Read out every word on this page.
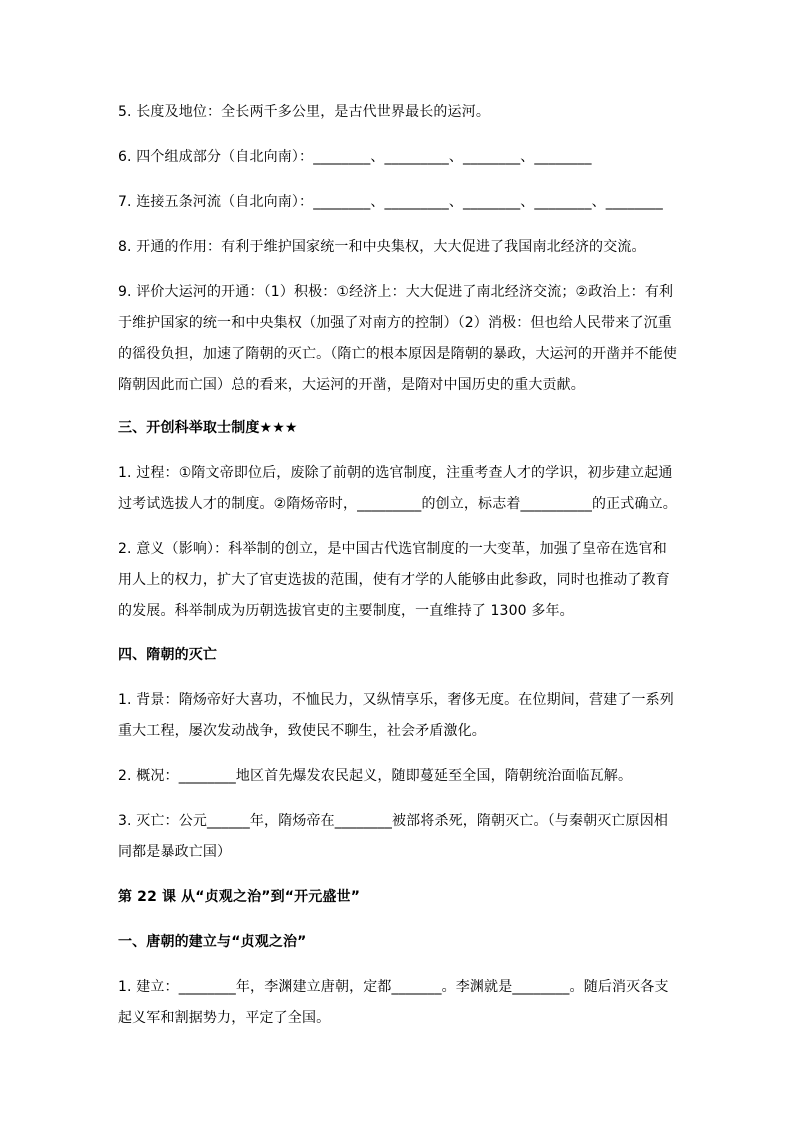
5. 长度及地位：全长两千多公里，是古代世界最长的运河。
6. 四个组成部分（自北向南）：________、_________、________、________
7. 连接五条河流（自北向南）：________、_________、________、________、________
8. 开通的作用：有利于维护国家统一和中央集权，大大促进了我国南北经济的交流。
9. 评价大运河的开通：（1）积极：①经济上：大大促进了南北经济交流；②政治上：有利于维护国家的统一和中央集权（加强了对南方的控制）（2）消极：但也给人民带来了沉重的徭役负担，加速了隋朝的灭亡。（隋亡的根本原因是隋朝的暴政，大运河的开凿并不能使隋朝因此而亡国）总的看来，大运河的开凿，是隋对中国历史的重大贡献。
三、开创科举取士制度★★★
1. 过程：①隋文帝即位后，废除了前朝的选官制度，注重考查人才的学识，初步建立起通过考试选拔人才的制度。②隋炀帝时，_________的创立，标志着__________的正式确立。
2. 意义（影响）：科举制的创立，是中国古代选官制度的一大变革，加强了皇帝在选官和用人上的权力，扩大了官吏选拔的范围，使有才学的人能够由此参政，同时也推动了教育的发展。科举制成为历朝选拔官吏的主要制度，一直维持了 1300 多年。
四、隋朝的灭亡
1. 背景：隋炀帝好大喜功，不恤民力，又纵情享乐，奢侈无度。在位期间，营建了一系列重大工程，屡次发动战争，致使民不聊生，社会矛盾激化。
2. 概况：________地区首先爆发农民起义，随即蔓延至全国，隋朝统治面临瓦解。
3. 灭亡：公元______年，隋炀帝在________被部将杀死，隋朝灭亡。（与秦朝灭亡原因相同都是暴政亡国）
第 22 课 从“贞观之治”到“开元盛世”
一、唐朝的建立与“贞观之治”
1. 建立：________年，李渊建立唐朝，定都_______。李渊就是________。随后消灭各支起义军和割据势力，平定了全国。
